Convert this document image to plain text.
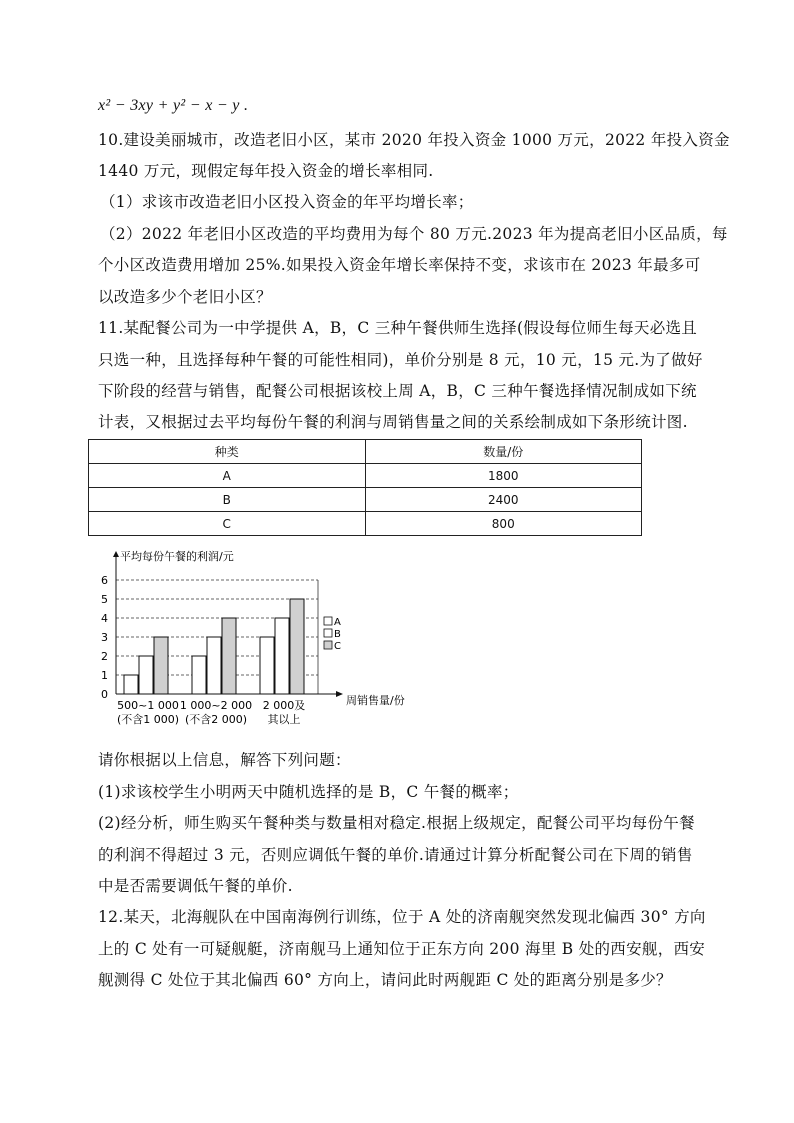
x² − 3xy + y² − x − y .
10.建设美丽城市，改造老旧小区，某市 2020 年投入资金 1000 万元，2022 年投入资金
1440 万元，现假定每年投入资金的增长率相同.
（1）求该市改造老旧小区投入资金的年平均增长率；
（2）2022 年老旧小区改造的平均费用为每个 80 万元.2023 年为提高老旧小区品质，每
个小区改造费用增加 25%.如果投入资金年增长率保持不变，求该市在 2023 年最多可
以改造多少个老旧小区？
11.某配餐公司为一中学提供 A，B，C 三种午餐供师生选择(假设每位师生每天必选且
只选一种，且选择每种午餐的可能性相同)，单价分别是 8 元，10 元，15 元.为了做好
下阶段的经营与销售，配餐公司根据该校上周 A，B，C 三种午餐选择情况制成如下统
计表，又根据过去平均每份午餐的利润与周销售量之间的关系绘制成如下条形统计图.
种类	数量/份
A	1800
B	2400
C	800
0
1
2
3
4
5
6
平均每份午餐的利润/元
周销售量/份
500~1 000
(不含1 000)
1 000~2 000
(不含2 000)
2 000及
其以上
A
B
C
请你根据以上信息，解答下列问题：
(1)求该校学生小明两天中随机选择的是 B，C 午餐的概率；
(2)经分析，师生购买午餐种类与数量相对稳定.根据上级规定，配餐公司平均每份午餐
的利润不得超过 3 元，否则应调低午餐的单价.请通过计算分析配餐公司在下周的销售
中是否需要调低午餐的单价.
12.某天，北海舰队在中国南海例行训练，位于 A 处的济南舰突然发现北偏西 30° 方向
上的 C 处有一可疑舰艇，济南舰马上通知位于正东方向 200 海里 B 处的西安舰，西安
舰测得 C 处位于其北偏西 60° 方向上，请问此时两舰距 C 处的距离分别是多少？
